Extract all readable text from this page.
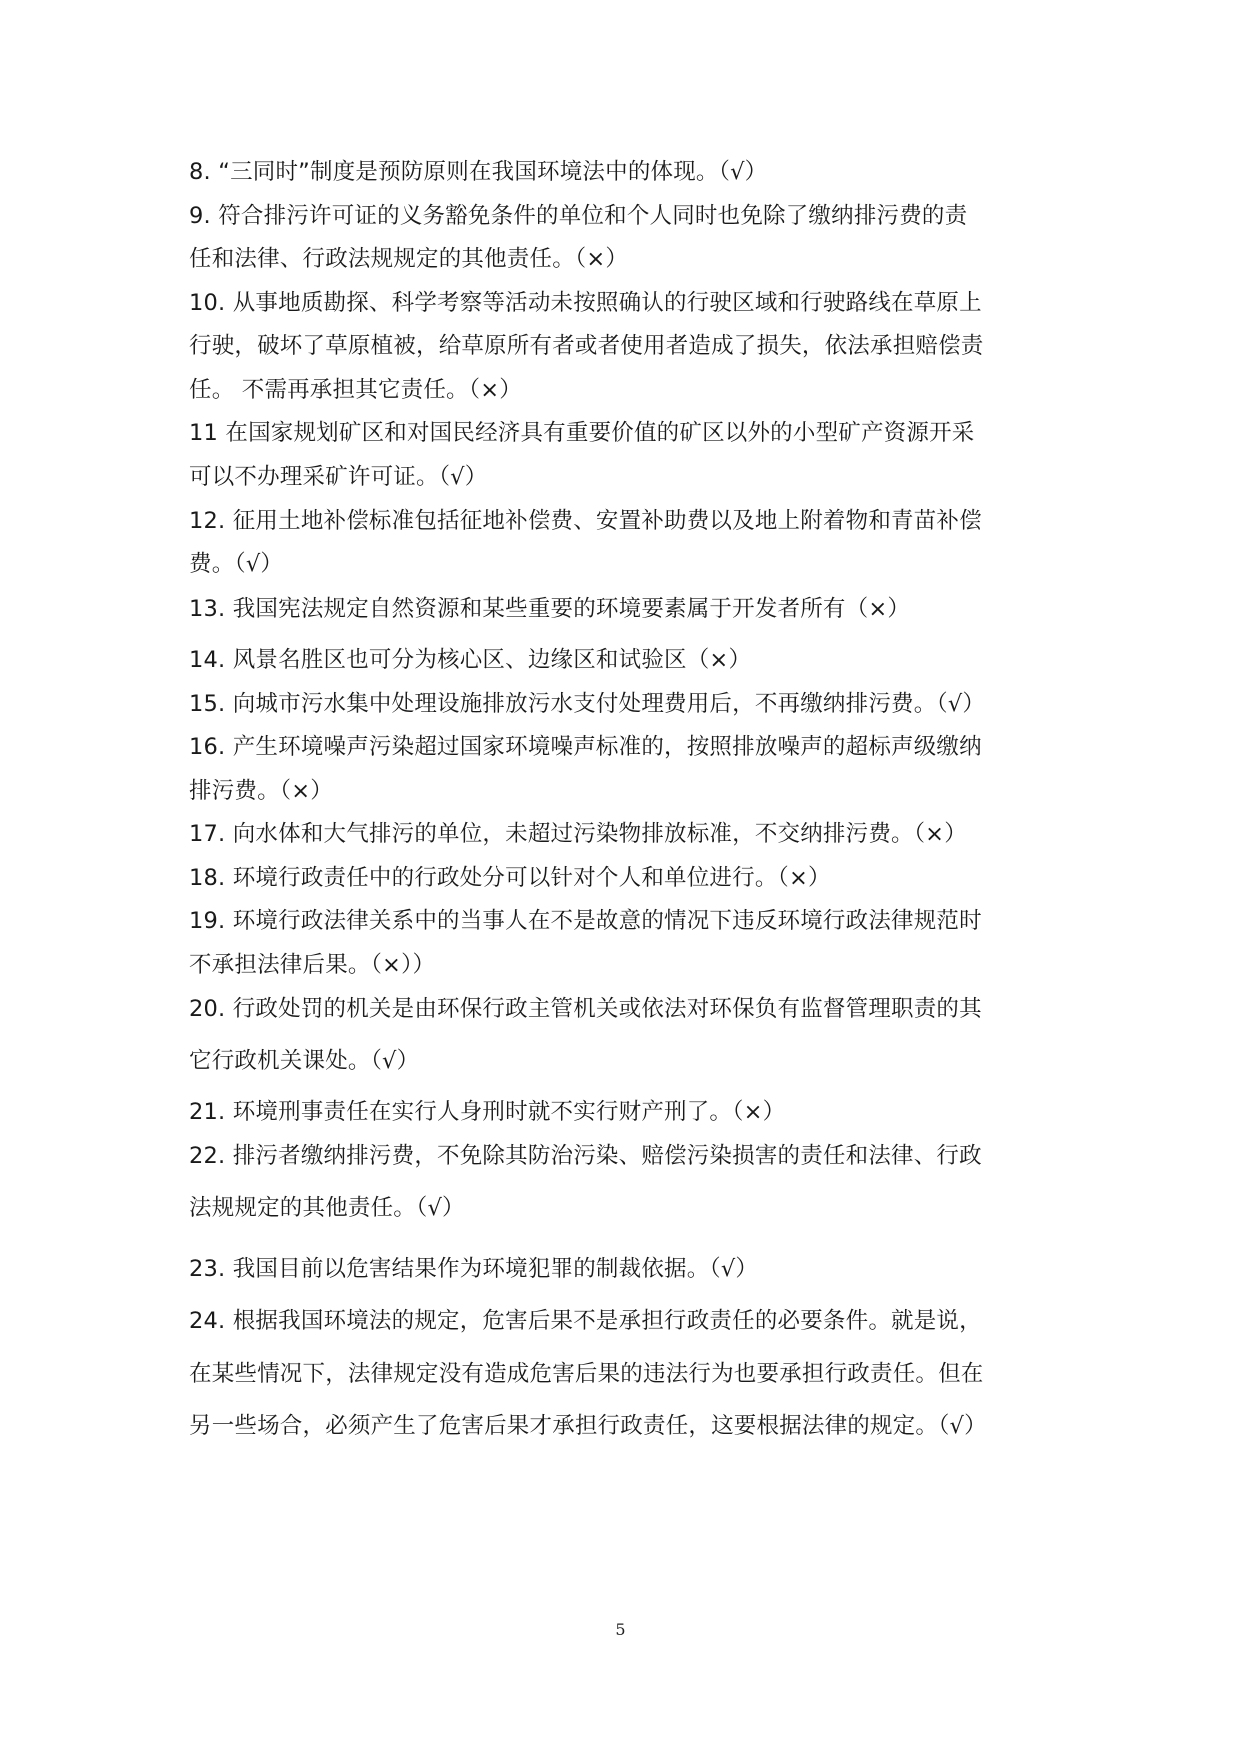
8. “三同时”制度是预防原则在我国环境法中的体现。（√）
9. 符合排污许可证的义务豁免条件的单位和个人同时也免除了缴纳排污费的责
任和法律、行政法规规定的其他责任。（×）
10. 从事地质勘探、科学考察等活动未按照确认的行驶区域和行驶路线在草原上
行驶，破坏了草原植被，给草原所有者或者使用者造成了损失，依法承担赔偿责
任。 不需再承担其它责任。（×）
11 在国家规划矿区和对国民经济具有重要价值的矿区以外的小型矿产资源开采
可以不办理采矿许可证。（√）
12. 征用土地补偿标准包括征地补偿费、安置补助费以及地上附着物和青苗补偿
费。（√）
13. 我国宪法规定自然资源和某些重要的环境要素属于开发者所有（×）
14. 风景名胜区也可分为核心区、边缘区和试验区（×）
15. 向城市污水集中处理设施排放污水支付处理费用后，不再缴纳排污费。（√）
16. 产生环境噪声污染超过国家环境噪声标准的，按照排放噪声的超标声级缴纳
排污费。（×）
17. 向水体和大气排污的单位，未超过污染物排放标准，不交纳排污费。（×）
18. 环境行政责任中的行政处分可以针对个人和单位进行。（×）
19. 环境行政法律关系中的当事人在不是故意的情况下违反环境行政法律规范时
不承担法律后果。（×））
20. 行政处罚的机关是由环保行政主管机关或依法对环保负有监督管理职责的其
它行政机关课处。（√）
21. 环境刑事责任在实行人身刑时就不实行财产刑了。（×）
22. 排污者缴纳排污费，不免除其防治污染、赔偿污染损害的责任和法律、行政
法规规定的其他责任。（√）
23. 我国目前以危害结果作为环境犯罪的制裁依据。（√）
24. 根据我国环境法的规定，危害后果不是承担行政责任的必要条件。就是说，
在某些情况下，法律规定没有造成危害后果的违法行为也要承担行政责任。但在
另一些场合，必须产生了危害后果才承担行政责任，这要根据法律的规定。（√）
5
